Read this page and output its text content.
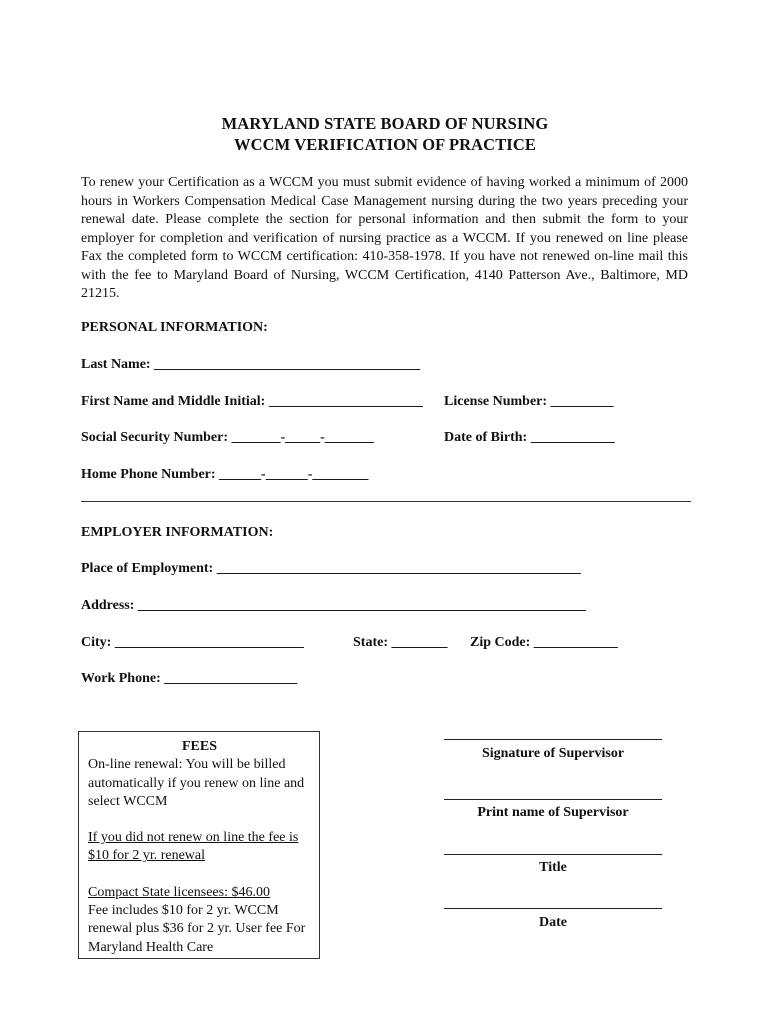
MARYLAND STATE BOARD OF NURSING
WCCM VERIFICATION OF PRACTICE

To renew your Certification as a WCCM you must submit evidence of having worked a minimum of 2000 hours in Workers Compensation Medical Case Management nursing during the two years preceding your renewal date. Please complete the section for personal information and then submit the form to your employer for completion and verification of nursing practice as a WCCM. If you renewed on line please Fax the completed form to WCCM certification: 410-358-1978. If you have not renewed on-line mail this with the fee to Maryland Board of Nursing, WCCM Certification, 4140 Patterson Ave., Baltimore, MD 21215.

PERSONAL INFORMATION:
Last Name: ______________________________________
First Name and Middle Initial: ______________________ License Number: _________
Social Security Number: _______-_____-_______	Date of Birth: ____________
Home Phone Number: ______-______-________
EMPLOYER INFORMATION:
Place of Employment: ____________________________________________________
Address: ________________________________________________________________
City: ___________________________	State: ________ Zip Code: ____________
Work Phone: ___________________
FEES

On-line renewal: You will be billed automatically if you renew on line and select WCCM

If you did not renew on line the fee is $10 for 2 yr. renewal

Compact State licensees: $46.00

Fee includes $10 for 2 yr. WCCM renewal plus $36 for 2 yr. User fee For Maryland Health Care

Signature of Supervisor
Print name of Supervisor
Title
Date
